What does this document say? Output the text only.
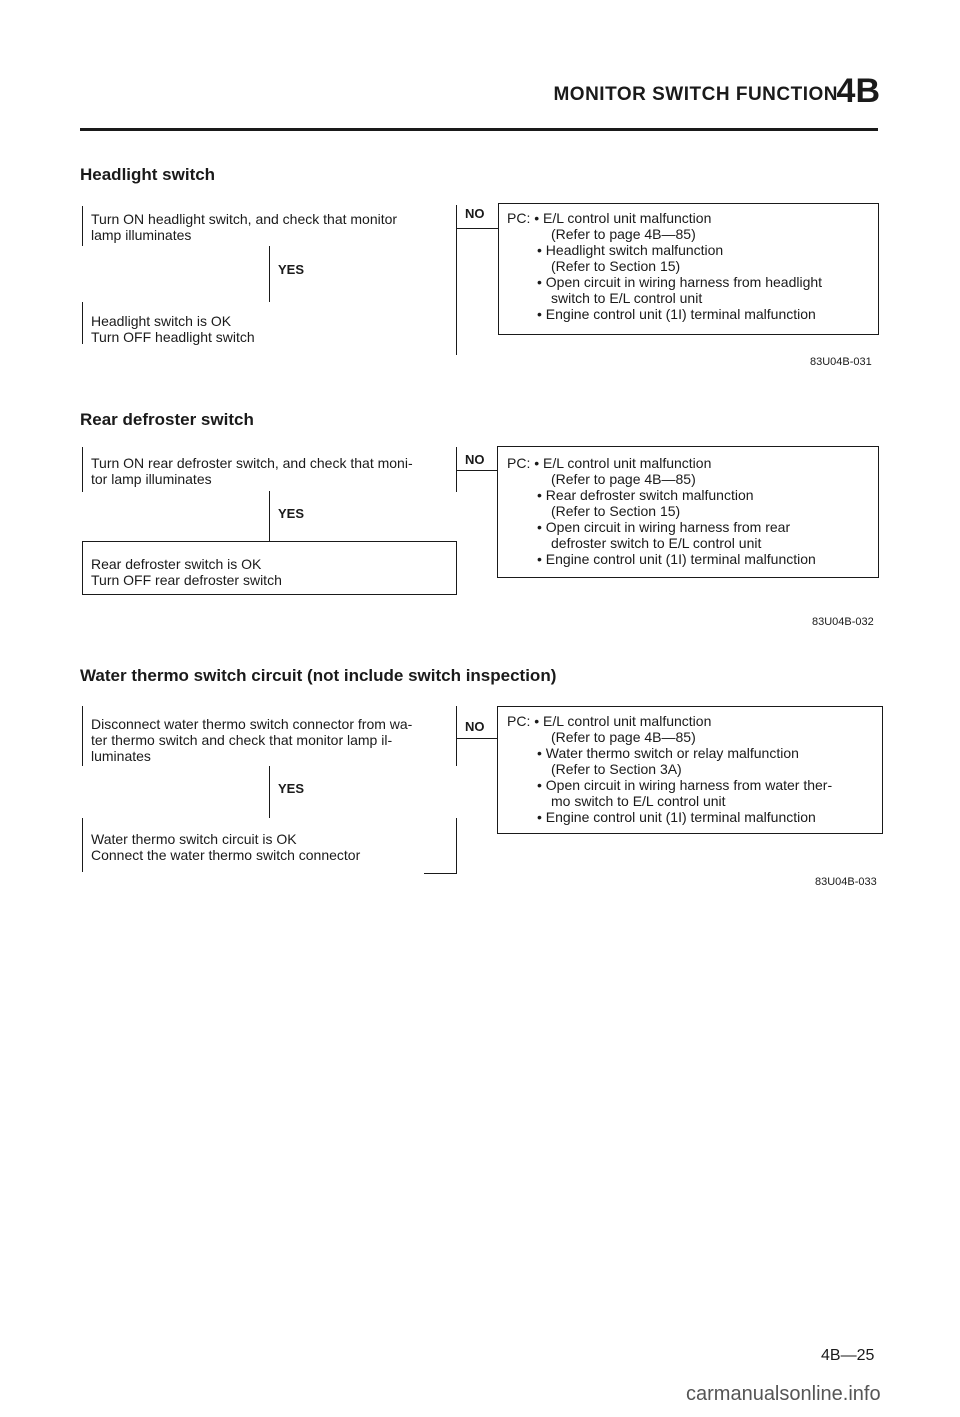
MONITOR SWITCH FUNCTION
4B
Headlight switch
Turn ON headlight switch, and check that monitor
lamp illuminates
YES
Headlight switch is OK
Turn OFF headlight switch
NO PC: • E/L control unit malfunction
(Refer to page 4B—85)
• Headlight switch malfunction
(Refer to Section 15)
• Open circuit in wiring harness from headlight
switch to E/L control unit
• Engine control unit (1I) terminal malfunction
83U04B-031
Rear defroster switch
Turn ON rear defroster switch, and check that moni-
tor lamp illuminates
YES
Rear defroster switch is OK
Turn OFF rear defroster switch
NO PC: • E/L control unit malfunction
(Refer to page 4B—85)
• Rear defroster switch malfunction
(Refer to Section 15)
• Open circuit in wiring harness from rear
defroster switch to E/L control unit
• Engine control unit (1I) terminal malfunction
83U04B-032
Water thermo switch circuit (not include switch inspection)
Disconnect water thermo switch connector from wa-
ter thermo switch and check that monitor lamp il-
luminates
YES
Water thermo switch circuit is OK
Connect the water thermo switch connector
NO PC: • E/L control unit malfunction
(Refer to page 4B—85)
• Water thermo switch or relay malfunction
(Refer to Section 3A)
• Open circuit in wiring harness from water ther-
mo switch to E/L control unit
• Engine control unit (1I) terminal malfunction
83U04B-033
4B—25
carmanualsonline.info
